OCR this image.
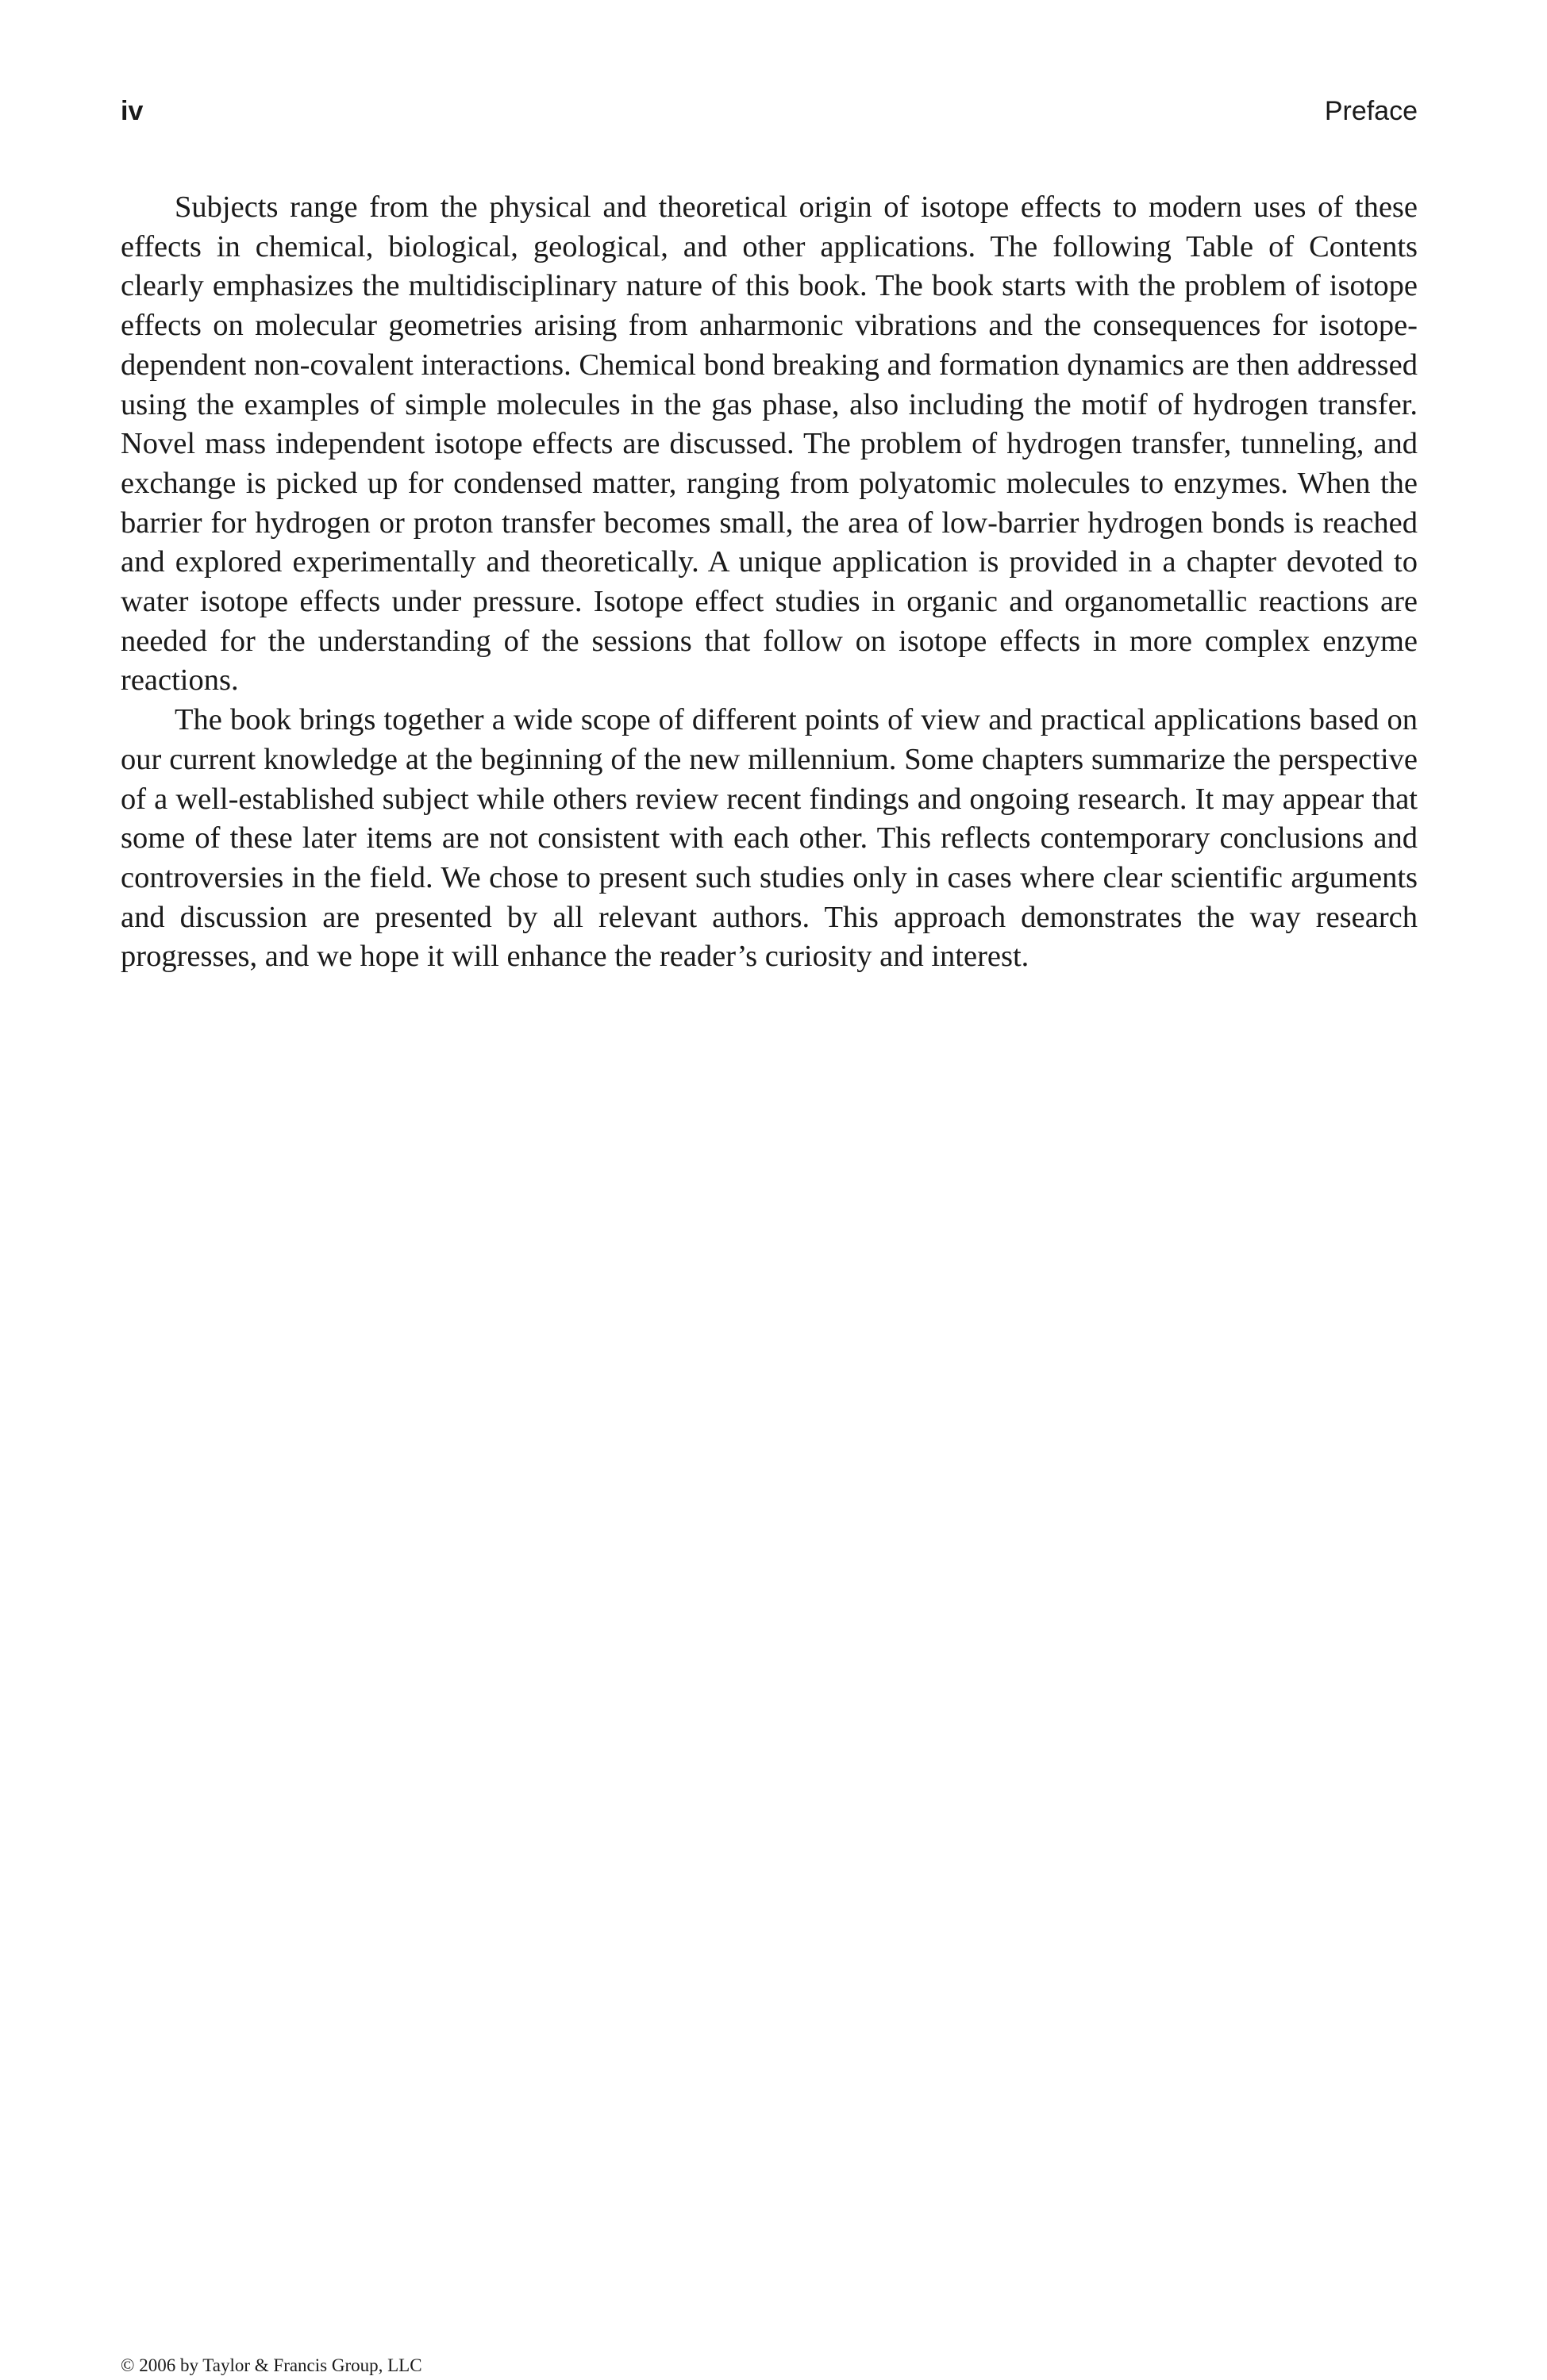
iv	Preface

Subjects range from the physical and theoretical origin of isotope effects to modern uses of these effects in chemical, biological, geological, and other applications. The following Table of Contents clearly emphasizes the multidisciplinary nature of this book. The book starts with the problem of isotope effects on molecular geometries arising from anharmonic vibrations and the consequences for isotope-dependent non-covalent interactions. Chemical bond breaking and formation dynamics are then addressed using the examples of simple molecules in the gas phase, also including the motif of hydrogen transfer. Novel mass independent isotope effects are discussed. The problem of hydrogen transfer, tunneling, and exchange is picked up for condensed matter, ranging from polyatomic molecules to enzymes. When the barrier for hydrogen or proton transfer becomes small, the area of low-barrier hydrogen bonds is reached and explored experimentally and theoretically. A unique application is provided in a chapter devoted to water isotope effects under pressure. Isotope effect studies in organic and organometallic reactions are needed for the understanding of the sessions that follow on isotope effects in more complex enzyme reactions.

The book brings together a wide scope of different points of view and practical applications based on our current knowledge at the beginning of the new millennium. Some chapters summarize the perspective of a well-established subject while others review recent findings and ongoing research. It may appear that some of these later items are not consistent with each other. This reflects contemporary conclusions and controversies in the field. We chose to present such studies only in cases where clear scientific arguments and discussion are presented by all relevant authors. This approach demonstrates the way research progresses, and we hope it will enhance the reader’s curiosity and interest.

© 2006 by Taylor & Francis Group, LLC
